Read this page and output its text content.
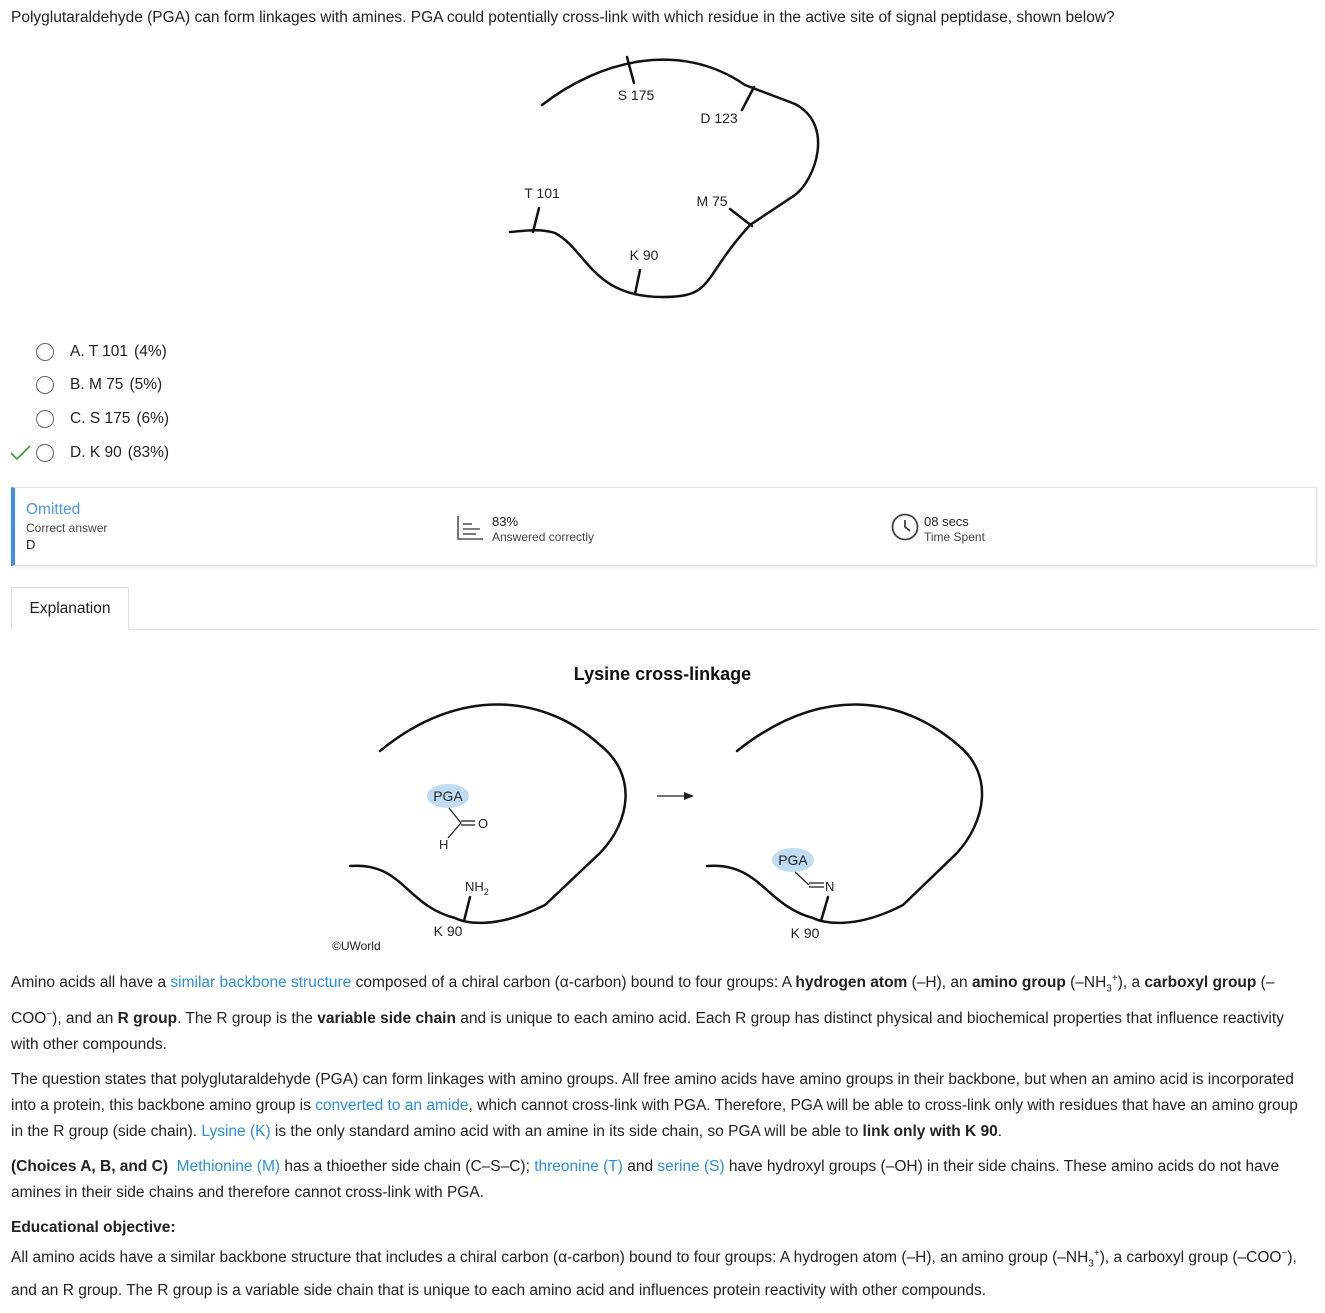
Polyglutaraldehyde (PGA) can form linkages with amines. PGA could potentially cross-link with which residue in the active site of signal peptidase, shown below?
S 175
D 123
T 101	M 75
K 90
A. T 101 (4%)
B. M 75 (5%)
C. S 175 (6%)
D. K 90 (83%)
Omitted
Correct answer
D
83%
Answered correctly
08 secs
Time Spent
Explanation
Lysine cross-linkage
PGA
O
H
$NH_2$
K 90
PGA
N
K 90
©UWorld

Amino acids all have a similar backbone structure composed of a chiral carbon (α-carbon) bound to four groups: A hydrogen atom (–H), an amino group $(-NH_3^+)$, a carboxyl group (–COO−), and an R group. The R group is the variable side chain and is unique to each amino acid. Each R group has distinct physical and biochemical properties that influence reactivity with other compounds.

The question states that polyglutaraldehyde (PGA) can form linkages with amino groups. All free amino acids have amino groups in their backbone, but when an amino acid is incorporated into a protein, this backbone amino group is converted to an amide, which cannot cross-link with PGA. Therefore, PGA will be able to cross-link only with residues that have an amino group in the R group (side chain). Lysine (K) is the only standard amino acid with an amine in its side chain, so PGA will be able to link only with K 90.

(Choices A, B, and C) Methionine (M) has a thioether side chain (C–S–C); threonine (T) and serine (S) have hydroxyl groups (–OH) in their side chains. These amino acids do not have amines in their side chains and therefore cannot cross-link with PGA.

Educational objective:

All amino acids have a similar backbone structure that includes a chiral carbon (α-carbon) bound to four groups: A hydrogen atom (–H), an amino group $(-NH_3^+)$, a carboxyl group (–COO−), and an R group. The R group is a variable side chain that is unique to each amino acid and influences protein reactivity with other compounds.
